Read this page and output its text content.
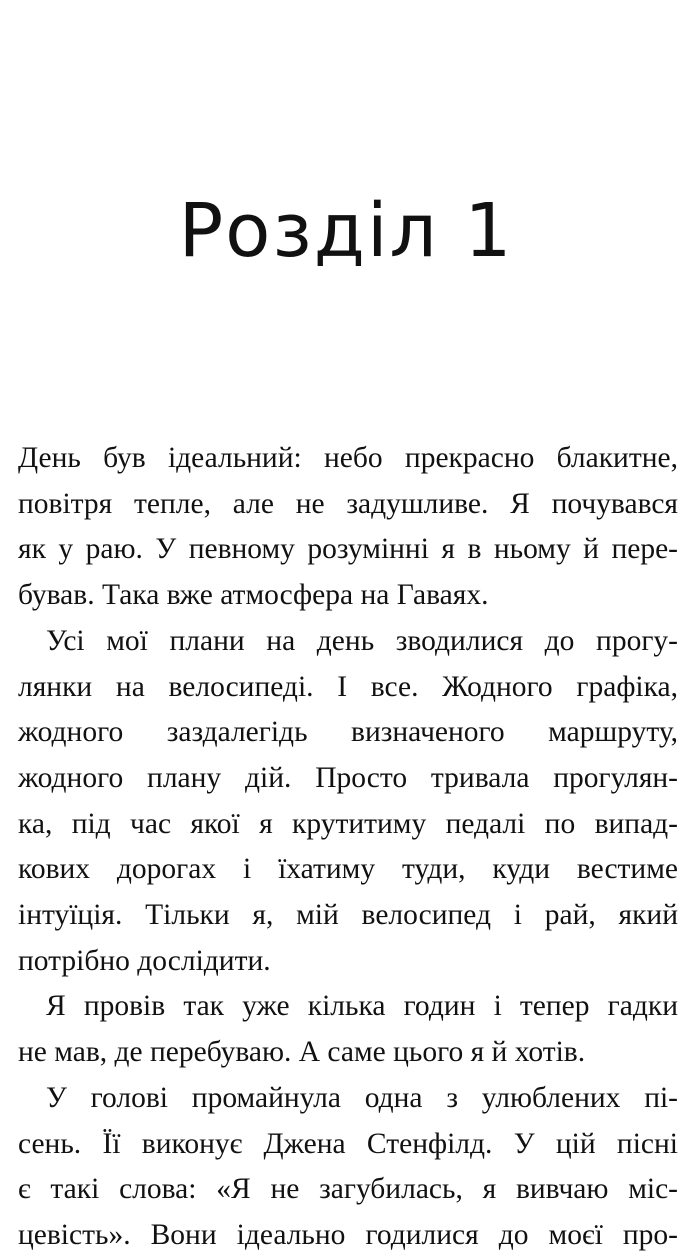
Розділ 1

День був ідеальний: небо прекрасно блакитне,
повітря тепле, але не задушливе. Я почувався
як у раю. У певному розумінні я в ньому й пере-
бував. Така вже атмосфера на Гаваях.

Усі мої плани на день зводилися до прогу-
лянки на велосипеді. І все. Жодного графіка,
жодного заздалегідь визначеного маршруту,
жодного плану дій. Просто тривала прогулян-
ка, під час якої я крутитиму педалі по випад-
кових дорогах і їхатиму туди, куди вестиме
інтуїція. Тільки я, мій велосипед і рай, який
потрібно дослідити.

Я провів так уже кілька годин і тепер гадки
не мав, де перебуваю. А саме цього я й хотів.

У голові промайнула одна з улюблених пі-
сень. Її виконує Джена Стенфілд. У цій пісні
є такі слова: «Я не загубилась, я вивчаю міс-
цевість». Вони ідеально годилися до моєї про-
